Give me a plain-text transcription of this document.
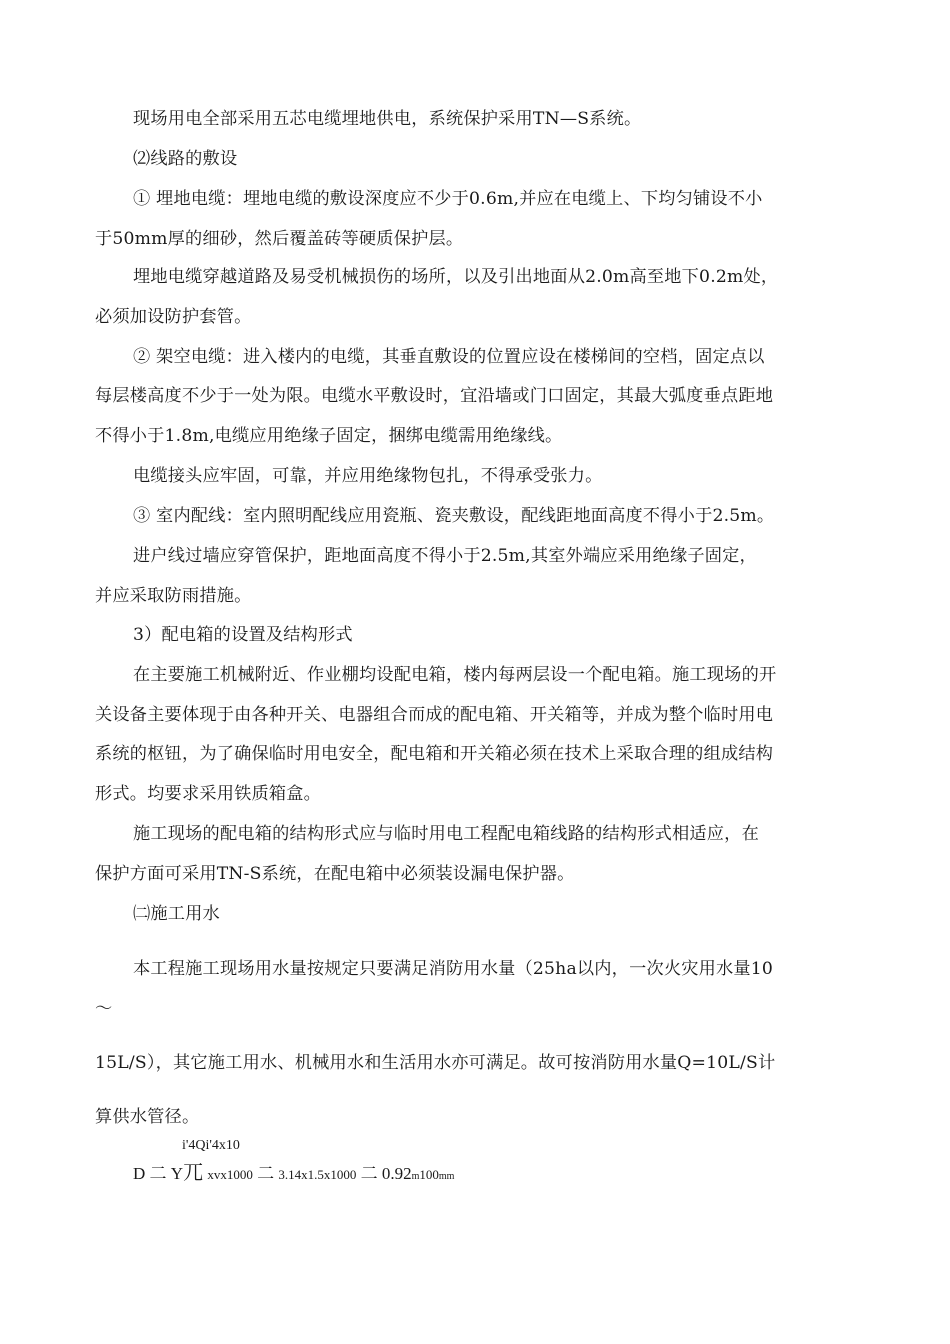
现场用电全部采用五芯电缆埋地供电，系统保护采用TN—S系统。

⑵线路的敷设

① 埋地电缆：埋地电缆的敷设深度应不少于0.6m,并应在电缆上、下均匀铺设不小

于50mm厚的细砂，然后覆盖砖等硬质保护层。

埋地电缆穿越道路及易受机械损伤的场所，以及引出地面从2.0m高至地下0.2m处，

必须加设防护套管。

② 架空电缆：进入楼内的电缆，其垂直敷设的位置应设在楼梯间的空档，固定点以

每层楼高度不少于一处为限。电缆水平敷设时，宜沿墙或门口固定，其最大弧度垂点距地

不得小于1.8m,电缆应用绝缘子固定，捆绑电缆需用绝缘线。

电缆接头应牢固，可靠，并应用绝缘物包扎，不得承受张力。

③ 室内配线：室内照明配线应用瓷瓶、瓷夹敷设，配线距地面高度不得小于2.5m。

进户线过墙应穿管保护，距地面高度不得小于2.5m,其室外端应采用绝缘子固定，

并应采取防雨措施。

3）配电箱的设置及结构形式

在主要施工机械附近、作业棚均设配电箱，楼内每两层设一个配电箱。施工现场的开

关设备主要体现于由各种开关、电器组合而成的配电箱、开关箱等，并成为整个临时用电

系统的枢钮，为了确保临时用电安全，配电箱和开关箱必须在技术上采取合理的组成结构

形式。均要求采用铁质箱盒。

施工现场的配电箱的结构形式应与临时用电工程配电箱线路的结构形式相适应，在

保护方面可采用TN-S系统，在配电箱中必须装设漏电保护器。

㈡施工用水

本工程施工现场用水量按规定只要满足消防用水量（25ha以内，一次火灾用水量10

〜

15L/S），其它施工用水、机械用水和生活用水亦可满足。故可按消防用水量Q=10L/S计

算供水管径。

i'4Qi'4x10

D 二 Y兀 xvx1000 二 3.14x1.5x1000 二 0.92m100mm
